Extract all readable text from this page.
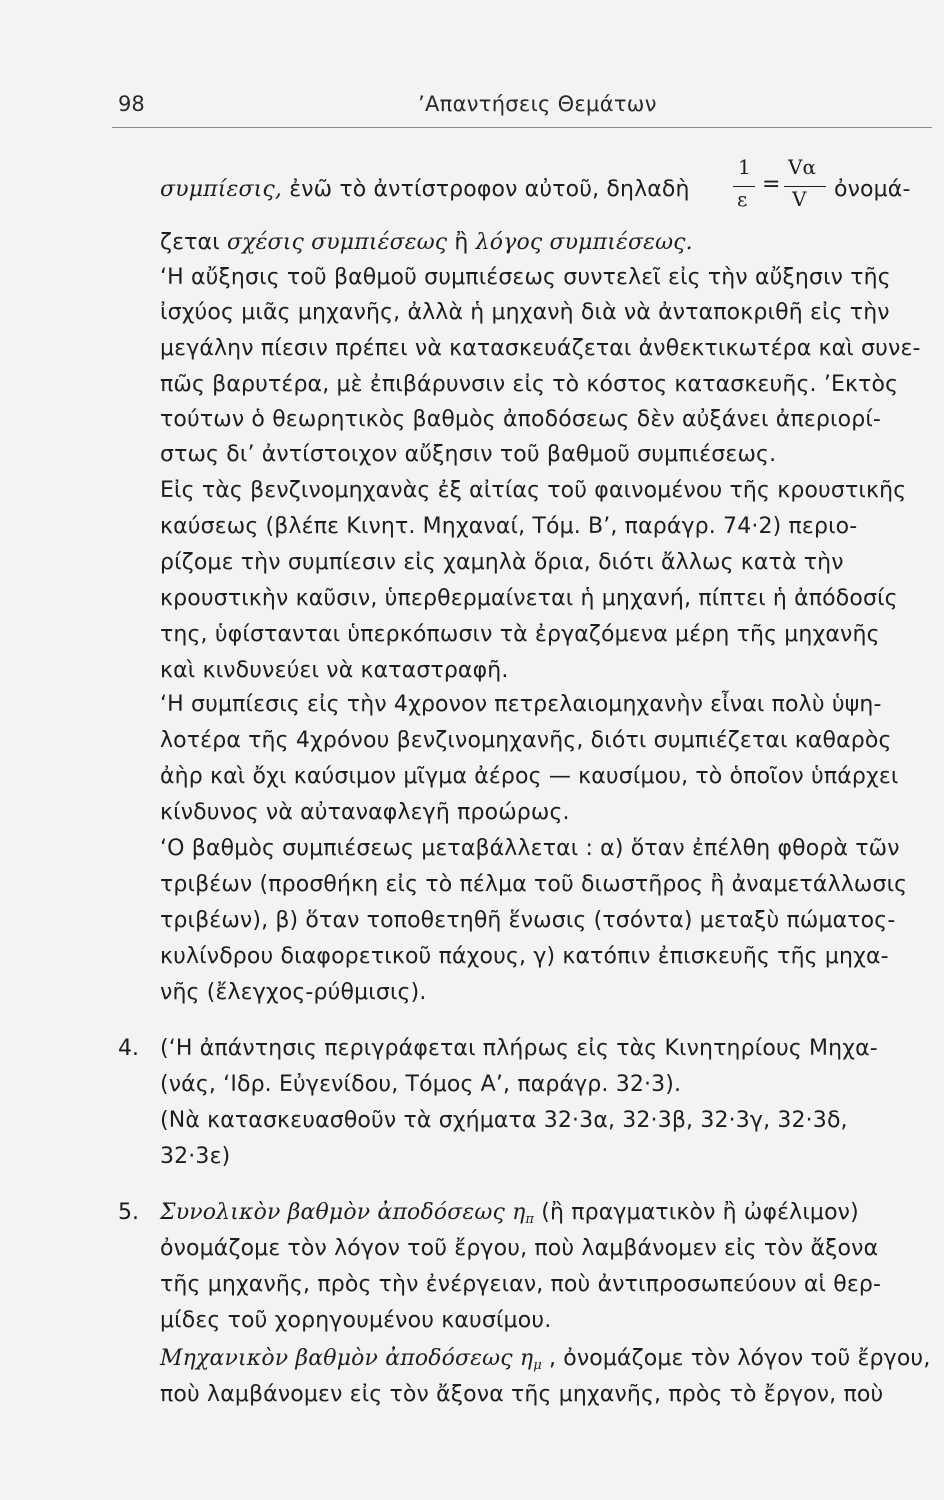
98	’Απαντήσεις Θεμάτων
συμπίεσις, ἐνῶ τὸ ἀντίστροφον αὐτοῦ, δηλαδὴ
1
ε
=
Vα
V ὀνομά-
ζεται σχέσις συμπιέσεως ἢ λόγος συμπιέσεως.
‘Η αὔξησις τοῦ βαθμοῦ συμπιέσεως συντελεῖ εἰς τὴν αὔξησιν τῆς
ἰσχύος μιᾶς μηχανῆς, ἀλλὰ ἡ μηχανὴ διὰ νὰ ἀνταποκριθῆ εἰς τὴν
μεγάλην πίεσιν πρέπει νὰ κατασκευάζεται ἀνθεκτικωτέρα καὶ συνε-
πῶς βαρυτέρα, μὲ ἐπιβάρυνσιν εἰς τὸ κόστος κατασκευῆς. ’Εκτὸς
τούτων ὁ θεωρητικὸς βαθμὸς ἀποδόσεως δὲν αὐξάνει ἀπεριορί-
στως δι’ ἀντίστοιχον αὔξησιν τοῦ βαθμοῦ συμπιέσεως.
Εἰς τὰς βενζινομηχανὰς ἐξ αἰτίας τοῦ φαινομένου τῆς κρουστικῆς
καύσεως (βλέπε Κινητ. Μηχαναί, Τόμ. Β’, παράγρ. 74·2) περιο-
ρίζομε τὴν συμπίεσιν εἰς χαμηλὰ ὅρια, διότι ἄλλως κατὰ τὴν
κρουστικὴν καῦσιν, ὑπερθερμαίνεται ἡ μηχανή, πίπτει ἡ ἀπόδοσίς
της, ὑφίστανται ὑπερκόπωσιν τὰ ἐργαζόμενα μέρη τῆς μηχανῆς
καὶ κινδυνεύει νὰ καταστραφῆ.
‘Η συμπίεσις εἰς τὴν 4χρονον πετρελαιομηχανὴν εἶναι πολὺ ὑψη-
λοτέρα τῆς 4χρόνου βενζινομηχανῆς, διότι συμπιέζεται καθαρὸς
ἀὴρ καὶ ὄχι καύσιμον μῖγμα ἀέρος — καυσίμου, τὸ ὁποῖον ὑπάρχει
κίνδυνος νὰ αὐταναφλεγῆ προώρως.
‘Ο βαθμὸς συμπιέσεως μεταβάλλεται : α) ὅταν ἐπέλθη φθορὰ τῶν
τριβέων (προσθήκη εἰς τὸ πέλμα τοῦ διωστῆρος ἢ ἀναμετάλλωσις
τριβέων), β) ὅταν τοποθετηθῆ ἕνωσις (τσόντα) μεταξὺ πώματος-
κυλίνδρου διαφορετικοῦ πάχους, γ) κατόπιν ἐπισκευῆς τῆς μηχα-
νῆς (ἔλεγχος-ρύθμισις).
4. (‘Η ἀπάντησις περιγράφεται πλήρως εἰς τὰς Κινητηρίους Μηχα-
(νάς, ‘Ιδρ. Εὐγενίδου, Τόμος Α’, παράγρ. 32·3).
(Νὰ κατασκευασθοῦν τὰ σχήματα 32·3α, 32·3β, 32·3γ, 32·3δ,
32·3ε)
5. Συνολικὸν βαθμὸν ἀποδόσεως $\eta_\pi$ (ἢ πραγματικὸν ἢ ὠφέλιμον)
ὀνομάζομε τὸν λόγον τοῦ ἔργου, ποὺ λαμβάνομεν εἰς τὸν ἄξονα
τῆς μηχανῆς, πρὸς τὴν ἐνέργειαν, ποὺ ἀντιπροσωπεύουν αἱ θερ-
μίδες τοῦ χορηγουμένου καυσίμου.
Μηχανικὸν βαθμὸν ἀποδόσεως $\eta_\mu$ , ὀνομάζομε τὸν λόγον τοῦ ἔργου,
ποὺ λαμβάνομεν εἰς τὸν ἄξονα τῆς μηχανῆς, πρὸς τὸ ἔργον, ποὺ
